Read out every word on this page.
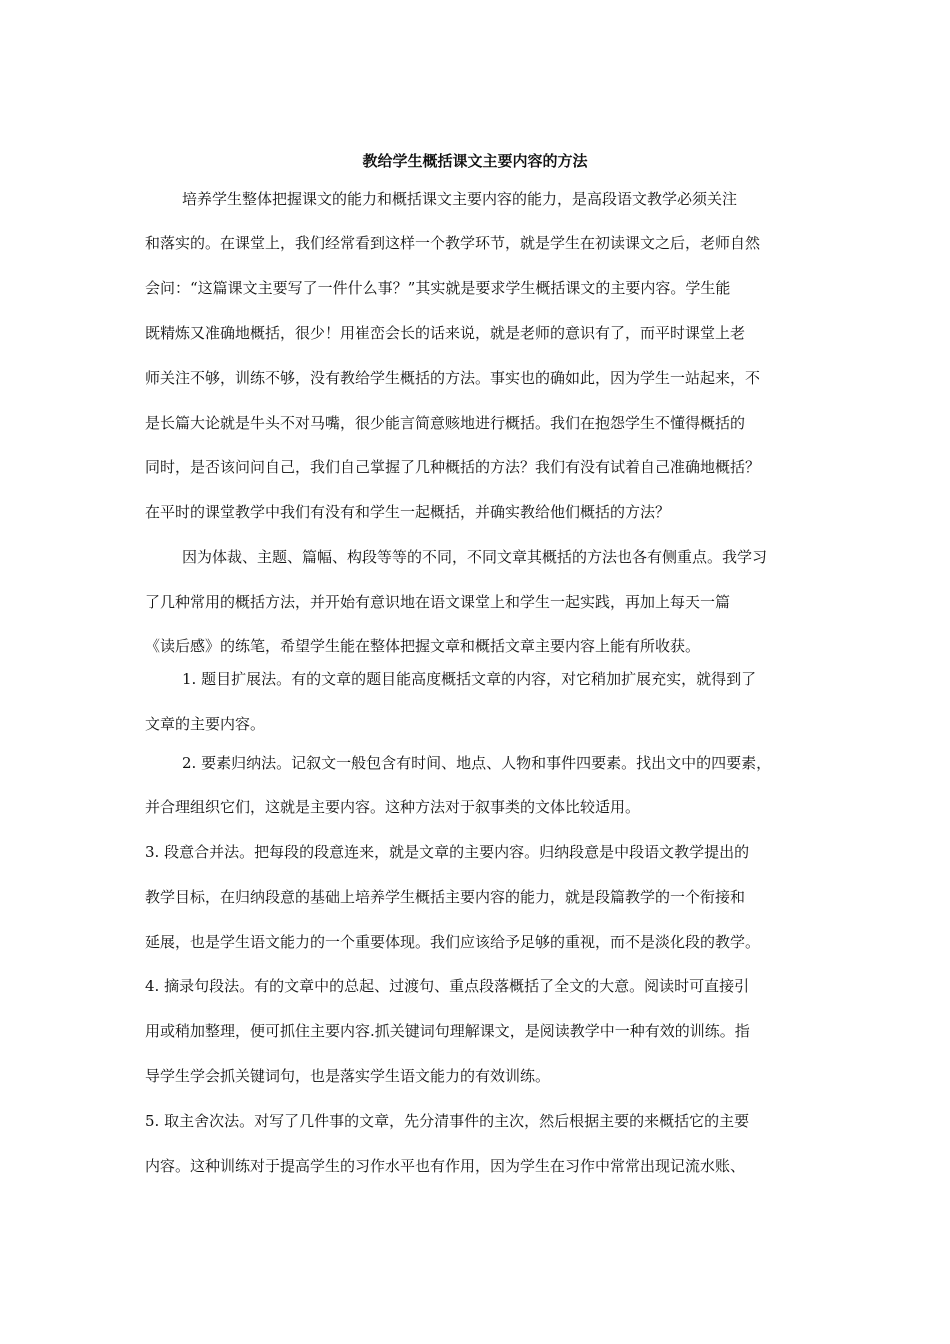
教给学生概括课文主要内容的方法

培养学生整体把握课文的能力和概括课文主要内容的能力，是高段语文教学必须关注

和落实的。在课堂上，我们经常看到这样一个教学环节，就是学生在初读课文之后，老师自然

会问：“这篇课文主要写了一件什么事？”其实就是要求学生概括课文的主要内容。学生能

既精炼又准确地概括，很少！用崔峦会长的话来说，就是老师的意识有了，而平时课堂上老

师关注不够，训练不够，没有教给学生概括的方法。事实也的确如此，因为学生一站起来，不

是长篇大论就是牛头不对马嘴，很少能言简意赅地进行概括。我们在抱怨学生不懂得概括的

同时，是否该问问自己，我们自己掌握了几种概括的方法？我们有没有试着自己准确地概括？

在平时的课堂教学中我们有没有和学生一起概括，并确实教给他们概括的方法？

因为体裁、主题、篇幅、构段等等的不同，不同文章其概括的方法也各有侧重点。我学习

了几种常用的概括方法，并开始有意识地在语文课堂上和学生一起实践，再加上每天一篇

《读后感》的练笔，希望学生能在整体把握文章和概括文章主要内容上能有所收获。

1. 题目扩展法。有的文章的题目能高度概括文章的内容，对它稍加扩展充实，就得到了

文章的主要内容。

2. 要素归纳法。记叙文一般包含有时间、地点、人物和事件四要素。找出文中的四要素，

并合理组织它们，这就是主要内容。这种方法对于叙事类的文体比较适用。

3. 段意合并法。把每段的段意连来，就是文章的主要内容。归纳段意是中段语文教学提出的

教学目标，在归纳段意的基础上培养学生概括主要内容的能力，就是段篇教学的一个衔接和

延展，也是学生语文能力的一个重要体现。我们应该给予足够的重视，而不是淡化段的教学。

4. 摘录句段法。有的文章中的总起、过渡句、重点段落概括了全文的大意。阅读时可直接引

用或稍加整理，便可抓住主要内容.抓关键词句理解课文，是阅读教学中一种有效的训练。指

导学生学会抓关键词句，也是落实学生语文能力的有效训练。

5. 取主舍次法。对写了几件事的文章，先分清事件的主次，然后根据主要的来概括它的主要

内容。这种训练对于提高学生的习作水平也有作用，因为学生在习作中常常出现记流水账、
